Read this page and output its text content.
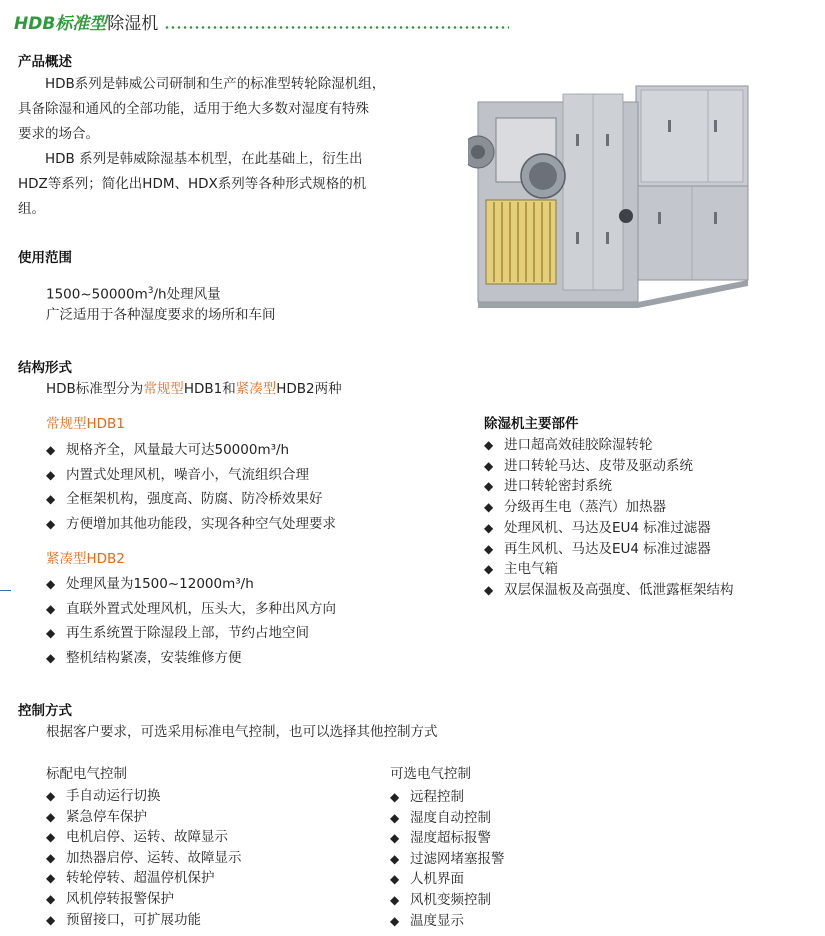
HDB标准型 除湿机
产品概述
　　HDB系列是韩威公司研制和生产的标准型转轮除湿机组，
具备除湿和通风的全部功能，适用于绝大多数对湿度有特殊
要求的场合。
　　HDB 系列是韩威除湿基本机型，在此基础上，衍生出
HDZ等系列；简化出HDM、HDX系列等各种形式规格的机
组。
使用范围
$1500\sim 50000m^3/h$处理风量
广泛适用于各种湿度要求的场所和车间
结构形式
HDB标准型分为常规型HDB1和紧凑型HDB2两种
常规型HDB1
◆ 规格齐全，风量最大可达50000m³/h
◆ 内置式处理风机，噪音小，气流组织合理
◆ 全框架机构，强度高、防腐、防冷桥效果好
◆ 方便增加其他功能段，实现各种空气处理要求
紧凑型HDB2
◆ 处理风量为1500~12000m³/h
◆ 直联外置式处理风机，压头大，多种出风方向
◆ 再生系统置于除湿段上部，节约占地空间
◆ 整机结构紧凑，安装维修方便
除湿机主要部件
◆ 进口超高效硅胶除湿转轮
◆ 进口转轮马达、皮带及驱动系统
◆ 进口转轮密封系统
◆ 分级再生电（蒸汽）加热器
◆ 处理风机、马达及EU4 标准过滤器
◆ 再生风机、马达及EU4 标准过滤器
◆ 主电气箱
◆ 双层保温板及高强度、低泄露框架结构
控制方式
根据客户要求，可选采用标准电气控制，也可以选择其他控制方式
标配电气控制
◆ 手自动运行切换
◆ 紧急停车保护
◆ 电机启停、运转、故障显示
◆ 加热器启停、运转、故障显示
◆ 转轮停转、超温停机保护
◆ 风机停转报警保护
◆ 预留接口，可扩展功能
可选电气控制
◆ 远程控制
◆ 湿度自动控制
◆ 湿度超标报警
◆ 过滤网堵塞报警
◆ 人机界面
◆ 风机变频控制
◆ 温度显示
